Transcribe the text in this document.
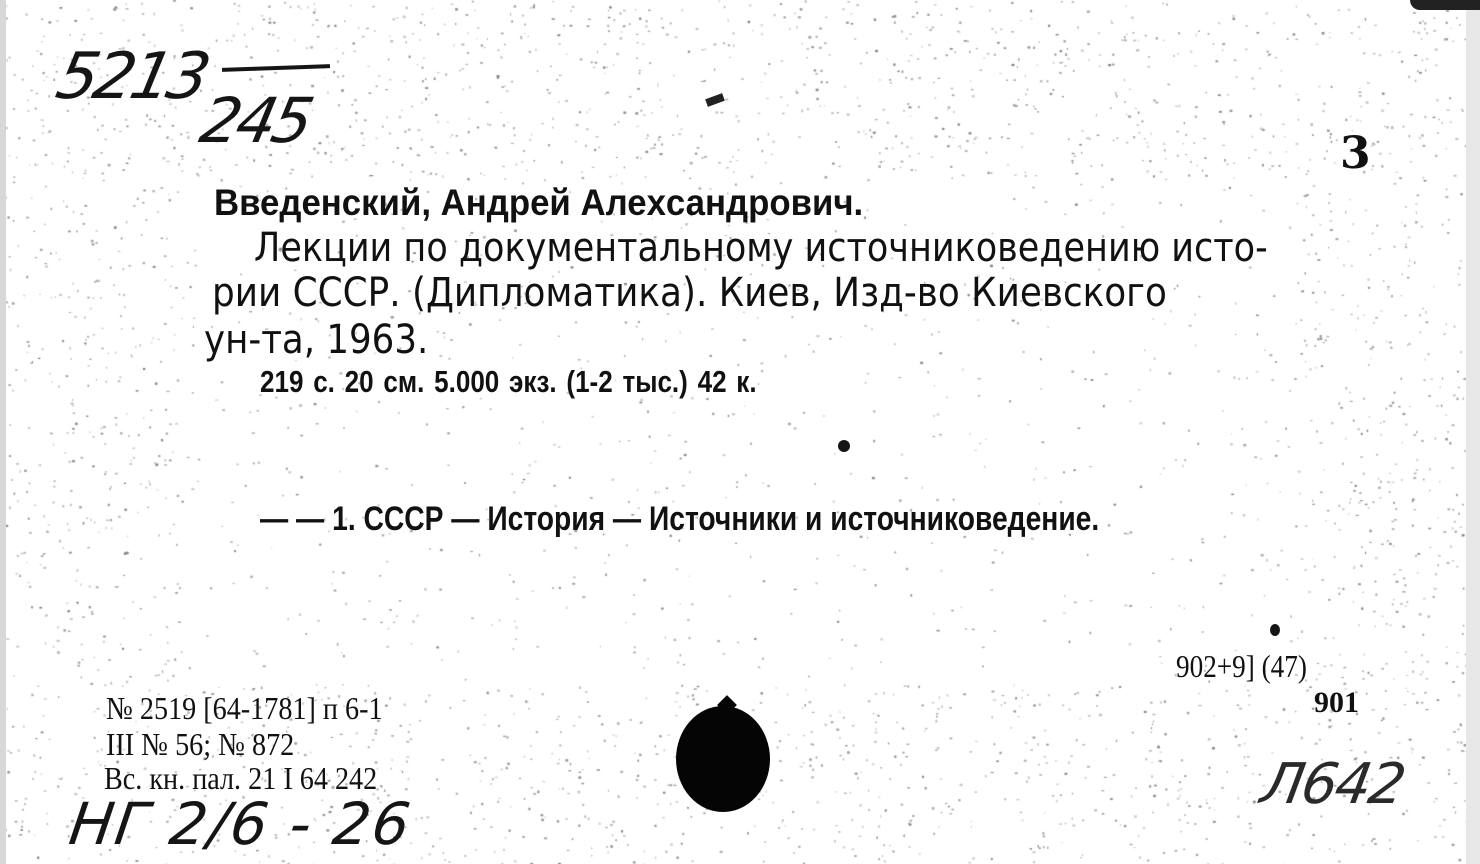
5213
245	3
Введенский, Андрей Алеxсандрович.
Лекции по документальному источниковедению исто-
рии СССР. (Дипломатика). Киев, Изд-во Киевского
ун-та, 1963.
219 с. 20 см. 5.000 экз. (1-2 тыс.) 42 к.
— — 1. СССР — История — Источники и источниковедение.
902+9] (47)
901
№ 2519 [64-1781] п 6-1
III № 56; № 872
Вс. кн. пал. 21 I 64 242
НГ 2/6 - 26
Л642
